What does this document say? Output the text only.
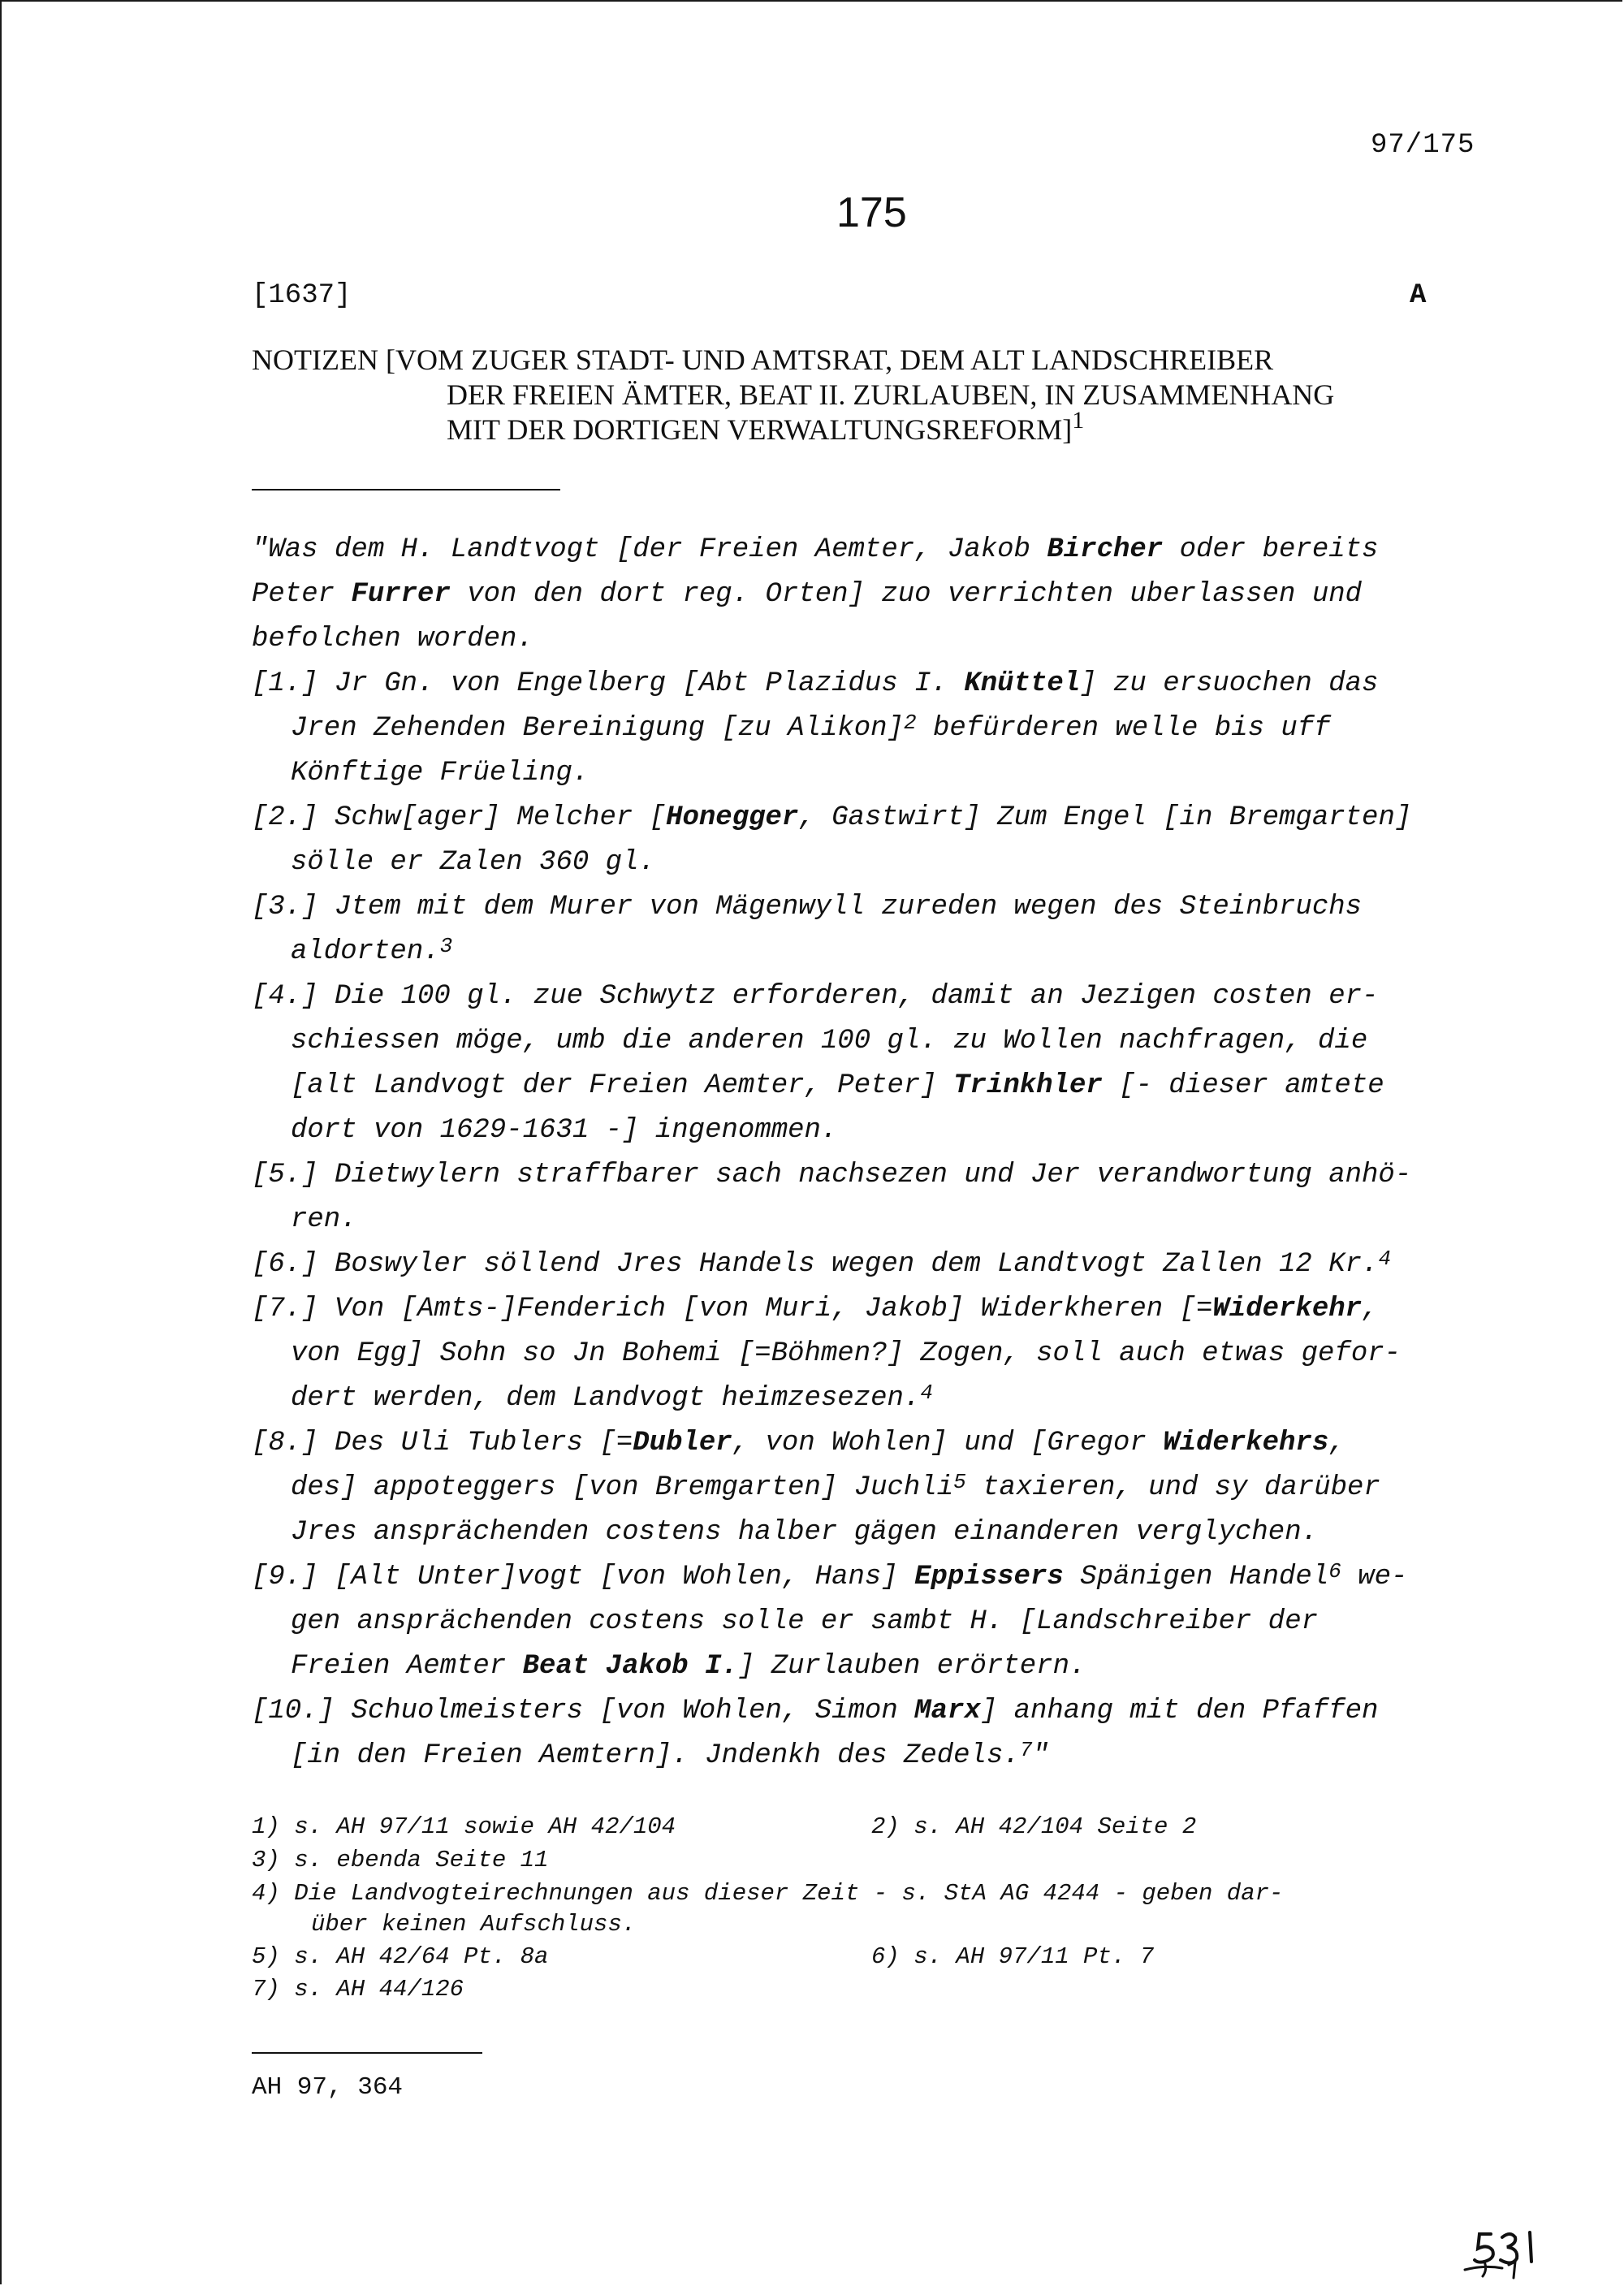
97/175
175
[1637]	A
NOTIZEN [VOM ZUGER STADT- UND AMTSRAT, DEM ALT LANDSCHREIBER
DER FREIEN ÄMTER, BEAT II. ZURLAUBEN, IN ZUSAMMENHANG
MIT DER DORTIGEN VERWALTUNGSREFORM]$^1$
"Was dem H. Landtvogt [der Freien Aemter, Jakob Bircher oder bereits
Peter Furrer von den dort reg. Orten] zuo verrichten uberlassen und
befolchen worden.
[1.] Jr Gn. von Engelberg [Abt Plazidus I. Knüttel] zu ersuochen das
Jren Zehenden Bereinigung [zu Alikon]$^2$ befürderen welle bis uff
Könftige Früeling.
[2.] Schw[ager] Melcher [Honegger, Gastwirt] Zum Engel [in Bremgarten]
sölle er Zalen 360 gl.
[3.] Jtem mit dem Murer von Mägenwyll zureden wegen des Steinbruchs
aldorten.$^3$
[4.] Die 100 gl. zue Schwytz erforderen, damit an Jezigen costen er-
schiessen möge, umb die anderen 100 gl. zu Wollen nachfragen, die
[alt Landvogt der Freien Aemter, Peter] Trinkhler [- dieser amtete
dort von 1629-1631 -] ingenommen.
[5.] Dietwylern straffbarer sach nachsezen und Jer verandwortung anhö-
ren.
[6.] Boswyler söllend Jres Handels wegen dem Landtvogt Zallen 12 Kr.$^4$
[7.] Von [Amts-]Fenderich [von Muri, Jakob] Widerkheren [=Widerkehr,
von Egg] Sohn so Jn Bohemi [=Böhmen?] Zogen, soll auch etwas gefor-
dert werden, dem Landvogt heimzesezen.$^4$
[8.] Des Uli Tublers [=Dubler, von Wohlen] und [Gregor Widerkehrs,
des] appoteggers [von Bremgarten] Juchli$^5$ taxieren, und sy darüber
Jres ansprächenden costens halber gägen einanderen verglychen.
[9.] [Alt Unter]vogt [von Wohlen, Hans] Eppissers Spänigen Handel$^6$ we-
gen ansprächenden costens solle er sambt H. [Landschreiber der
Freien Aemter Beat Jakob I.] Zurlauben erörtern.
[10.] Schuolmeisters [von Wohlen, Simon Marx] anhang mit den Pfaffen
[in den Freien Aemtern]. Jndenkh des Zedels.$^7$"
1) s. AH 97/11 sowie AH 42/104	2) s. AH 42/104 Seite 2
3) s. ebenda Seite 11
4) Die Landvogteirechnungen aus dieser Zeit - s. StA AG 4244 - geben dar-
über keinen Aufschluss.
5) s. AH 42/64 Pt. 8a	6) s. AH 97/11 Pt. 7
7) s. AH 44/126
AH 97, 364
